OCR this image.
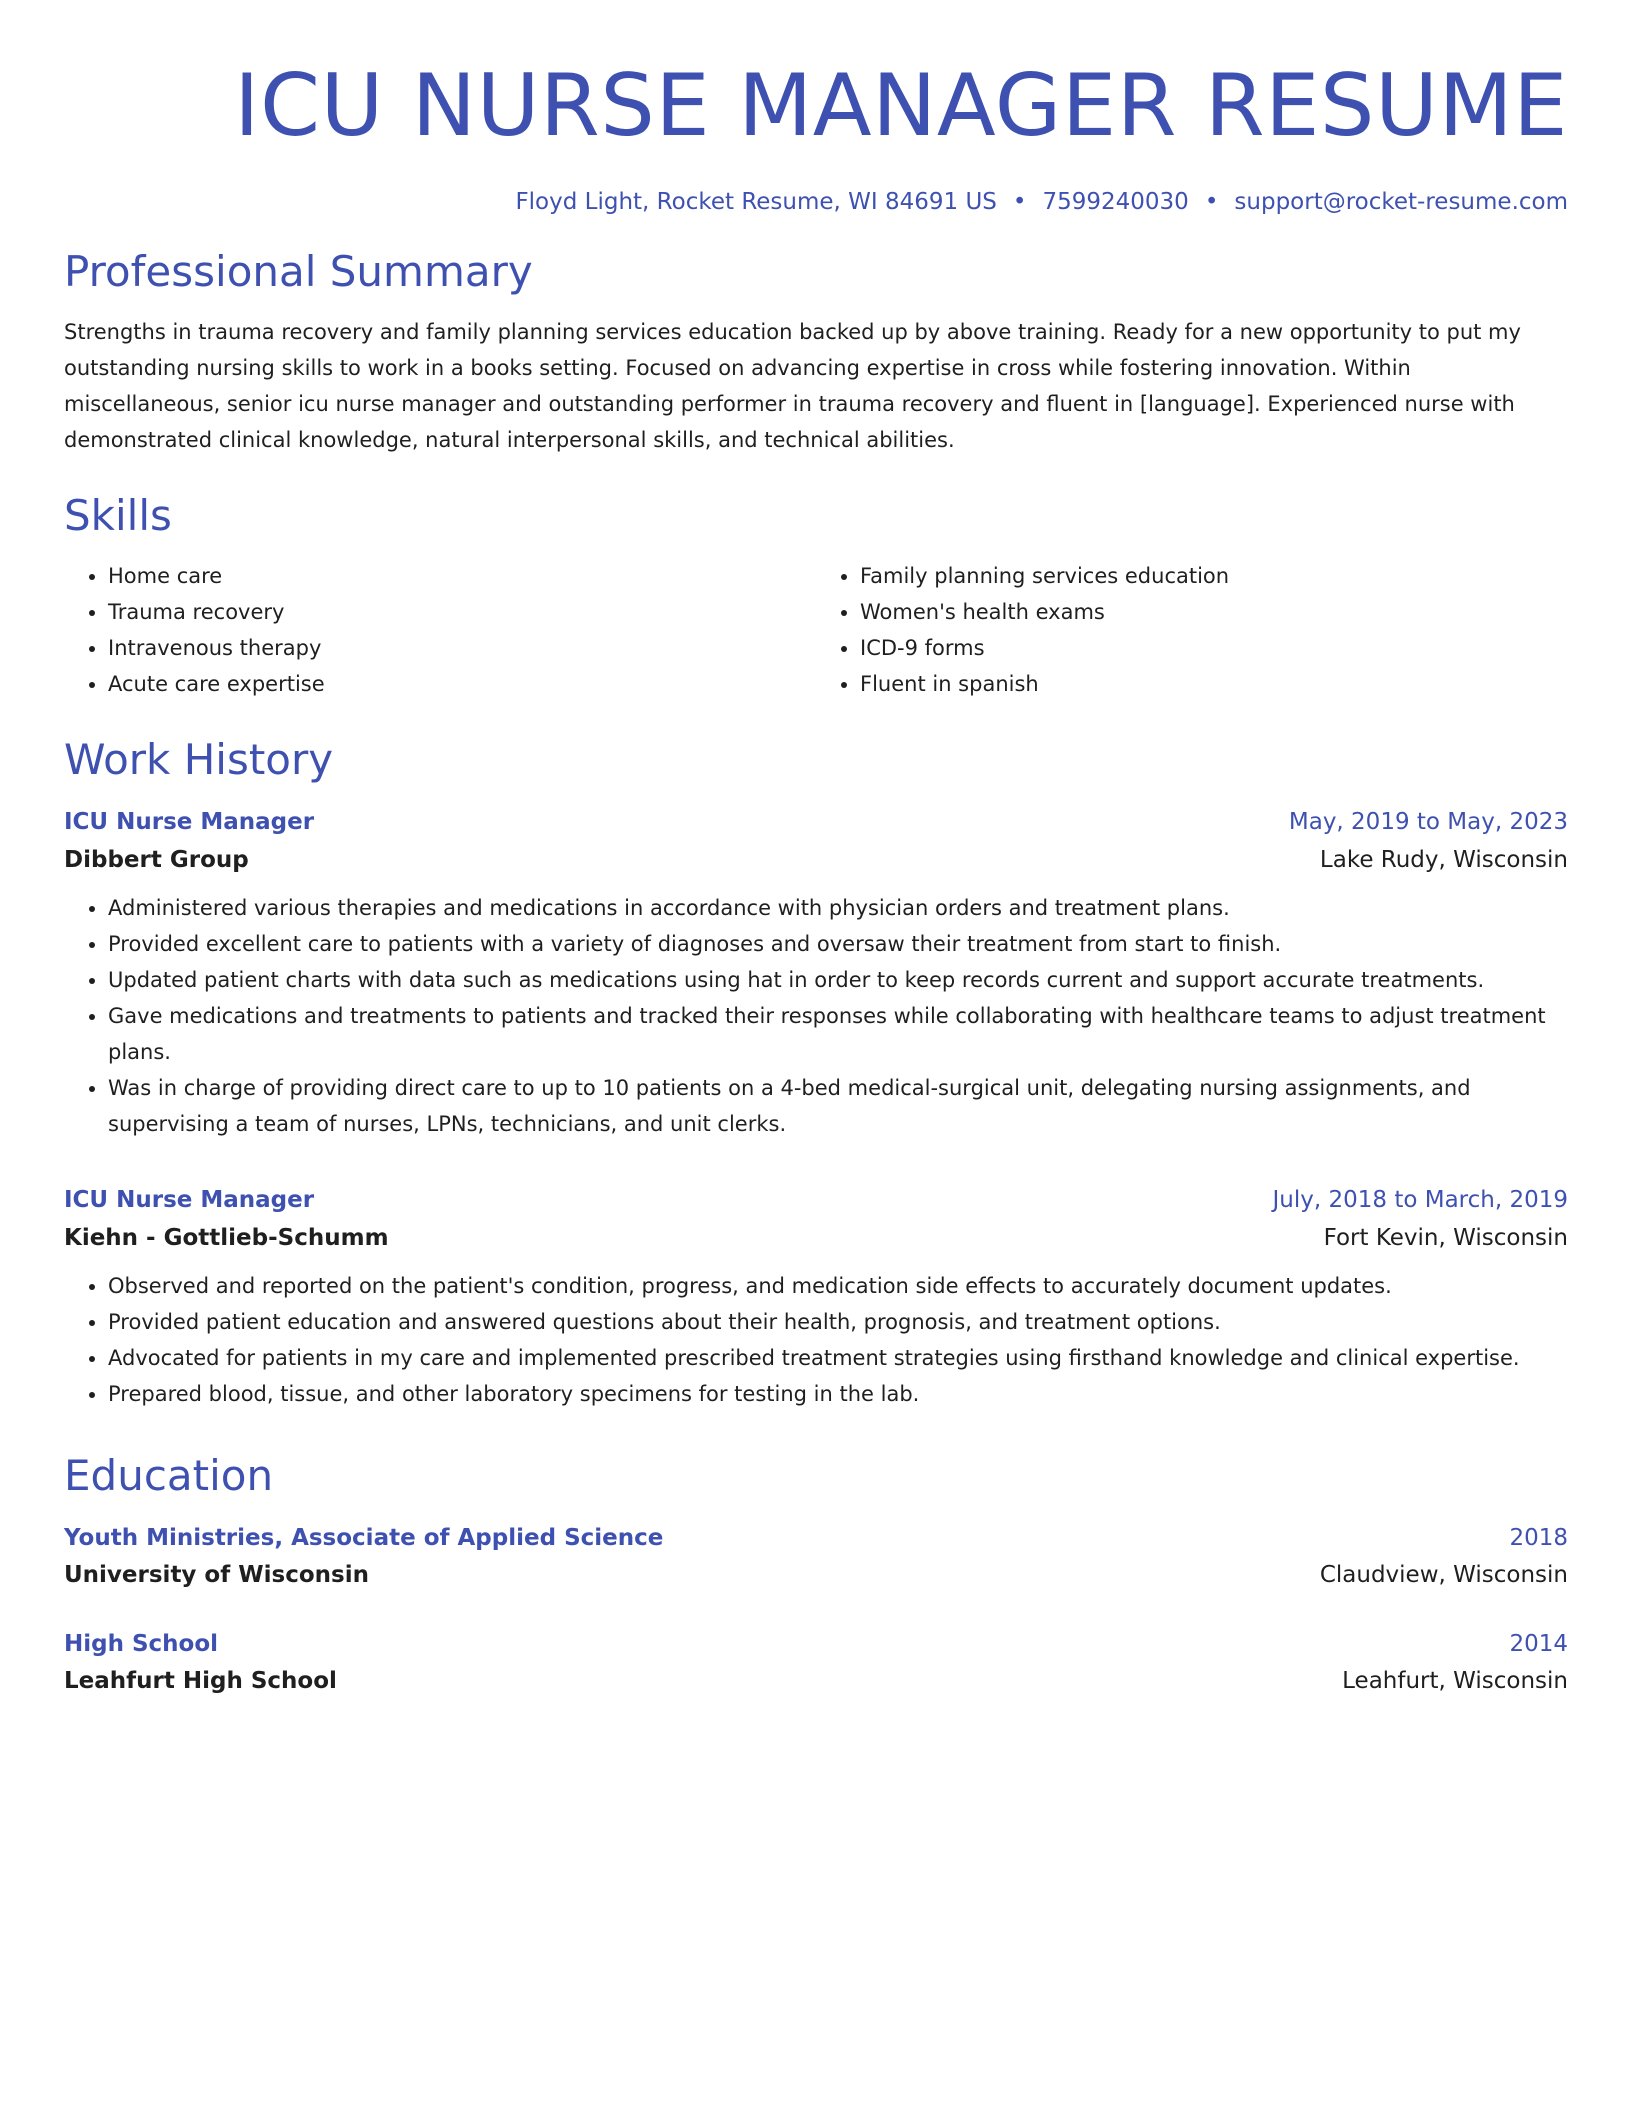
ICU NURSE MANAGER RESUME
Floyd Light, Rocket Resume, WI 84691 US • 7599240030 • support@rocket-resume.com
Professional Summary

Strengths in trauma recovery and family planning services education backed up by above training. Ready for a new opportunity to put my outstanding nursing skills to work in a books setting. Focused on advancing expertise in cross while fostering innovation. Within miscellaneous, senior icu nurse manager and outstanding performer in trauma recovery and fluent in [language]. Experienced nurse with demonstrated clinical knowledge, natural interpersonal skills, and technical abilities.

Skills
• Home care
• Trauma recovery
• Intravenous therapy
• Acute care expertise
• Family planning services education
• Women's health exams
• ICD-9 forms
• Fluent in spanish
Work History
ICU Nurse Manager	May, 2019 to May, 2023
Dibbert Group	Lake Rudy, Wisconsin
• Administered various therapies and medications in accordance with physician orders and treatment plans.
• Provided excellent care to patients with a variety of diagnoses and oversaw their treatment from start to finish.
• Updated patient charts with data such as medications using hat in order to keep records current and support accurate treatments.
• Gave medications and treatments to patients and tracked their responses while collaborating with healthcare teams to adjust treatment plans.
• Was in charge of providing direct care to up to 10 patients on a 4-bed medical-surgical unit, delegating nursing assignments, and supervising a team of nurses, LPNs, technicians, and unit clerks.
ICU Nurse Manager	July, 2018 to March, 2019
Kiehn - Gottlieb-Schumm	Fort Kevin, Wisconsin
• Observed and reported on the patient's condition, progress, and medication side effects to accurately document updates.
• Provided patient education and answered questions about their health, prognosis, and treatment options.
• Advocated for patients in my care and implemented prescribed treatment strategies using firsthand knowledge and clinical expertise.
• Prepared blood, tissue, and other laboratory specimens for testing in the lab.
Education
Youth Ministries, Associate of Applied Science	2018
University of Wisconsin	Claudview, Wisconsin
High School	2014
Leahfurt High School	Leahfurt, Wisconsin
